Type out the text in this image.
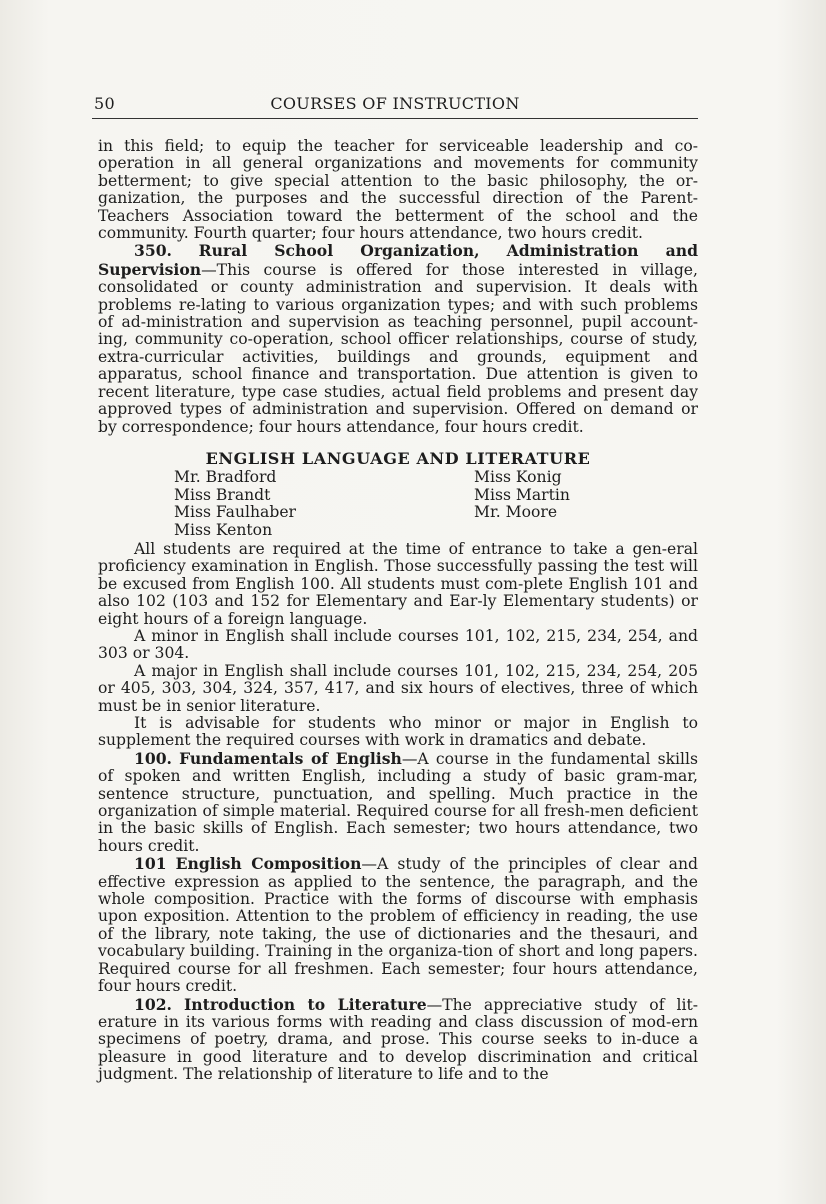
50	COURSES OF INSTRUCTION

in this field; to equip the teacher for serviceable leadership and co-operation in all general organizations and movements for community betterment; to give special attention to the basic philosophy, the or-ganization, the purposes and the successful direction of the Parent-Teachers Association toward the betterment of the school and the community. Fourth quarter; four hours attendance, two hours credit.

350. Rural School Organization, Administration and Supervision—This course is offered for those interested in village, consolidated or county administration and supervision. It deals with problems re-lating to various organization types; and with such problems of ad-ministration and supervision as teaching personnel, pupil account-ing, community co-operation, school officer relationships, course of study, extra-curricular activities, buildings and grounds, equipment and apparatus, school finance and transportation. Due attention is given to recent literature, type case studies, actual field problems and present day approved types of administration and supervision. Offered on demand or by correspondence; four hours attendance, four hours credit.

ENGLISH LANGUAGE AND LITERATURE
Mr. Bradford
Miss Brandt
Miss Faulhaber
Miss Kenton
Miss Konig
Miss Martin
Mr. Moore

All students are required at the time of entrance to take a gen-eral proficiency examination in English. Those successfully passing the test will be excused from English 100. All students must com-plete English 101 and also 102 (103 and 152 for Elementary and Ear-ly Elementary students) or eight hours of a foreign language.

A minor in English shall include courses 101, 102, 215, 234, 254, and 303 or 304.

A major in English shall include courses 101, 102, 215, 234, 254, 205 or 405, 303, 304, 324, 357, 417, and six hours of electives, three of which must be in senior literature.

It is advisable for students who minor or major in English to supplement the required courses with work in dramatics and debate.

100. Fundamentals of English—A course in the fundamental skills of spoken and written English, including a study of basic gram-mar, sentence structure, punctuation, and spelling. Much practice in the organization of simple material. Required course for all fresh-men deficient in the basic skills of English. Each semester; two hours attendance, two hours credit.

101 English Composition—A study of the principles of clear and effective expression as applied to the sentence, the paragraph, and the whole composition. Practice with the forms of discourse with emphasis upon exposition. Attention to the problem of efficiency in reading, the use of the library, note taking, the use of dictionaries and the thesauri, and vocabulary building. Training in the organiza-tion of short and long papers. Required course for all freshmen. Each semester; four hours attendance, four hours credit.

102. Introduction to Literature—The appreciative study of lit-erature in its various forms with reading and class discussion of mod-ern specimens of poetry, drama, and prose. This course seeks to in-duce a pleasure in good literature and to develop discrimination and critical judgment. The relationship of literature to life and to the
